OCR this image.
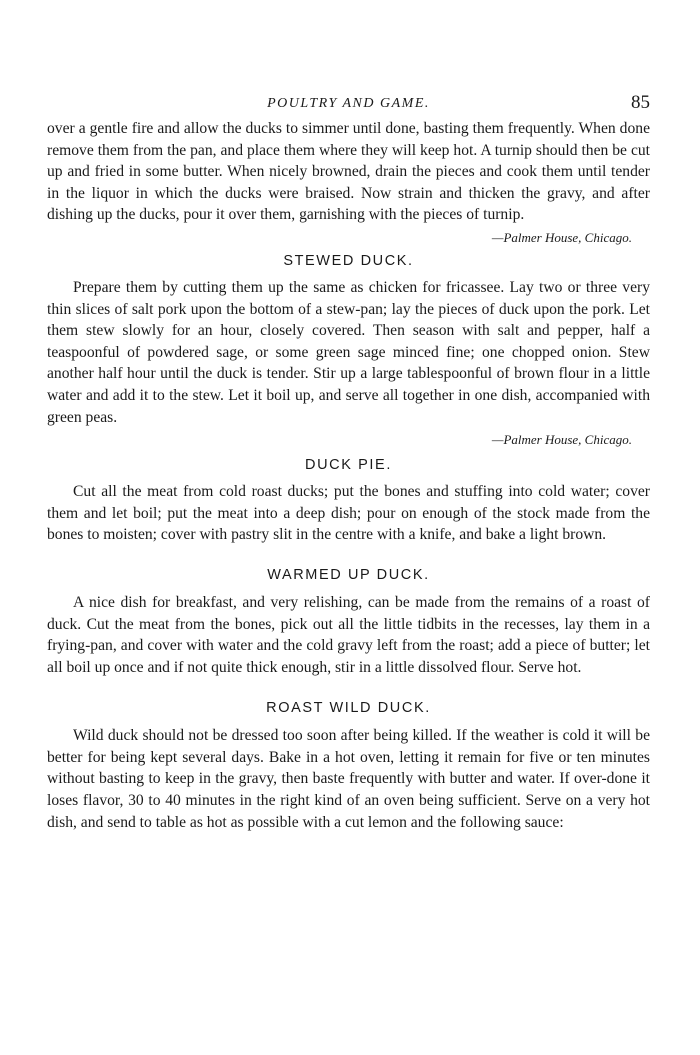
POULTRY AND GAME.	85

over a gentle fire and allow the ducks to simmer until done, basting them frequently. When done remove them from the pan, and place them where they will keep hot. A turnip should then be cut up and fried in some butter. When nicely browned, drain the pieces and cook them until tender in the liquor in which the ducks were braised. Now strain and thicken the gravy, and after dishing up the ducks, pour it over them, garnishing with the pieces of turnip.

—Palmer House, Chicago.
STEWED DUCK.

Prepare them by cutting them up the same as chicken for fricassee. Lay two or three very thin slices of salt pork upon the bottom of a stew-pan; lay the pieces of duck upon the pork. Let them stew slowly for an hour, closely covered. Then season with salt and pepper, half a teaspoonful of powdered sage, or some green sage minced fine; one chopped onion. Stew another half hour until the duck is tender. Stir up a large tablespoonful of brown flour in a little water and add it to the stew. Let it boil up, and serve all together in one dish, accompanied with green peas.

—Palmer House, Chicago.
DUCK PIE.

Cut all the meat from cold roast ducks; put the bones and stuffing into cold water; cover them and let boil; put the meat into a deep dish; pour on enough of the stock made from the bones to moisten; cover with pastry slit in the centre with a knife, and bake a light brown.

WARMED UP DUCK.

A nice dish for breakfast, and very relishing, can be made from the remains of a roast of duck. Cut the meat from the bones, pick out all the little tidbits in the recesses, lay them in a frying-pan, and cover with water and the cold gravy left from the roast; add a piece of butter; let all boil up once and if not quite thick enough, stir in a little dissolved flour. Serve hot.

ROAST WILD DUCK.

Wild duck should not be dressed too soon after being killed. If the weather is cold it will be better for being kept several days. Bake in a hot oven, letting it remain for five or ten minutes without basting to keep in the gravy, then baste frequently with butter and water. If over-done it loses flavor, 30 to 40 minutes in the right kind of an oven being sufficient. Serve on a very hot dish, and send to table as hot as possible with a cut lemon and the following sauce:
